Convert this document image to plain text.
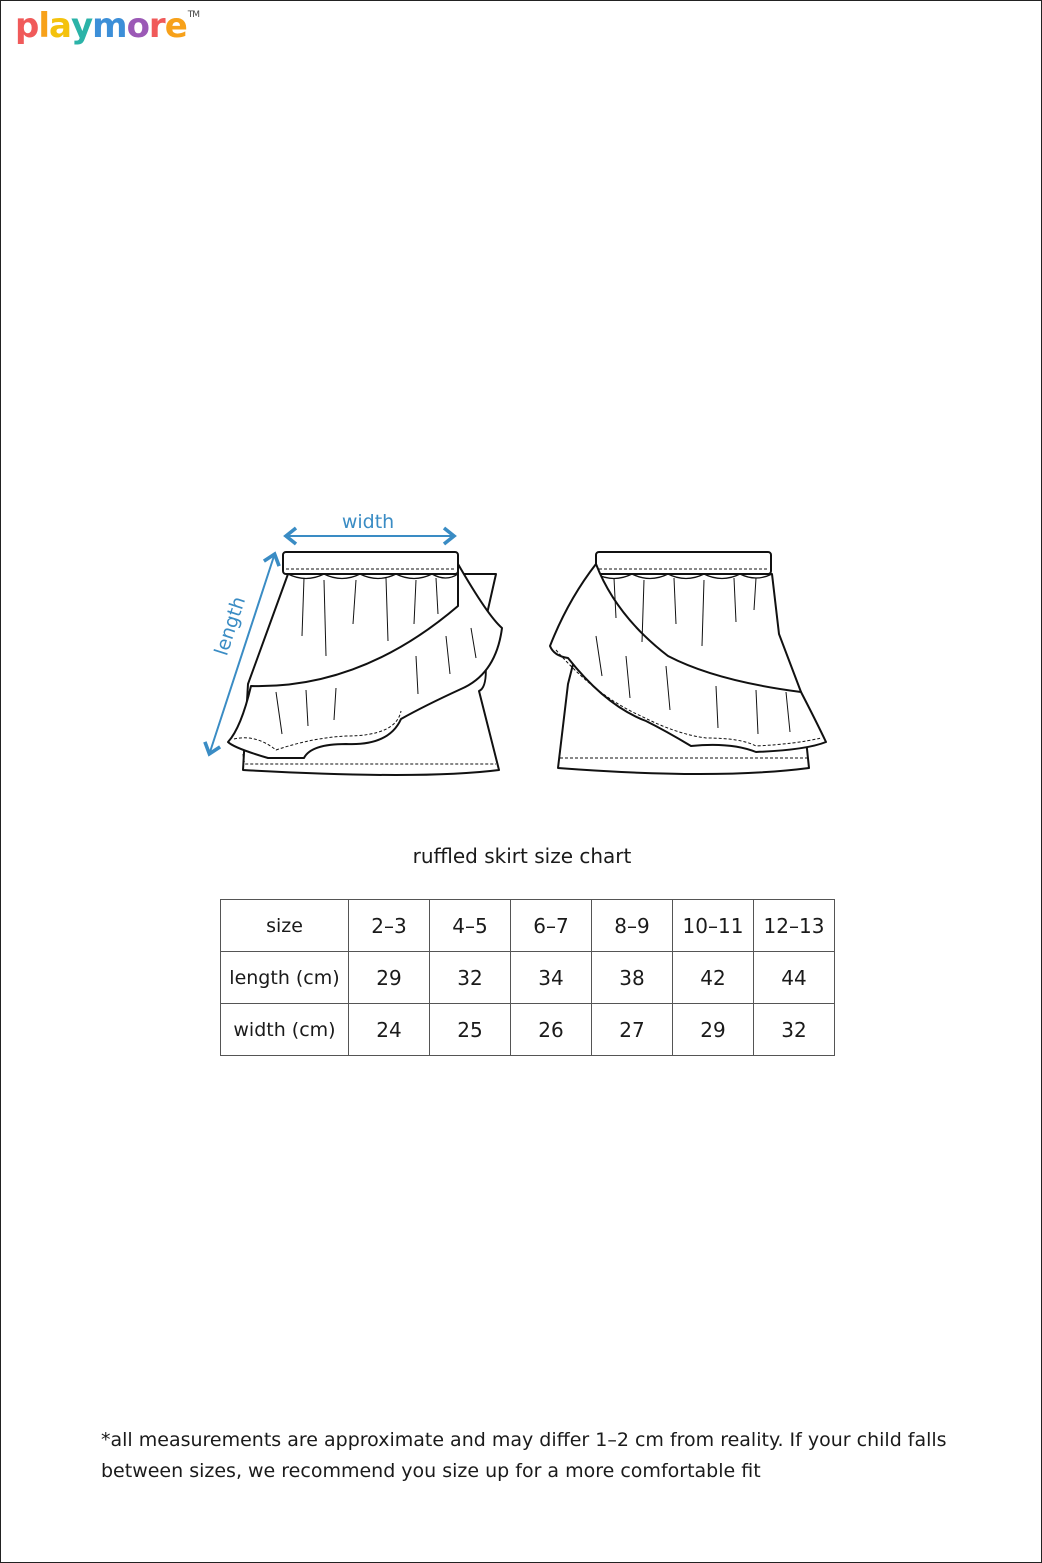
playmoreTM
width
length
ruffled skirt size chart
size	2–3	4–5	6–7	8–9	10–11	12–13
length (cm)	29	32	34	38	42	44
width (cm)	24	25	26	27	29	32
*all measurements are approximate and may differ 1–2 cm from reality. If your child falls between sizes, we recommend you size up for a more comfortable fit
